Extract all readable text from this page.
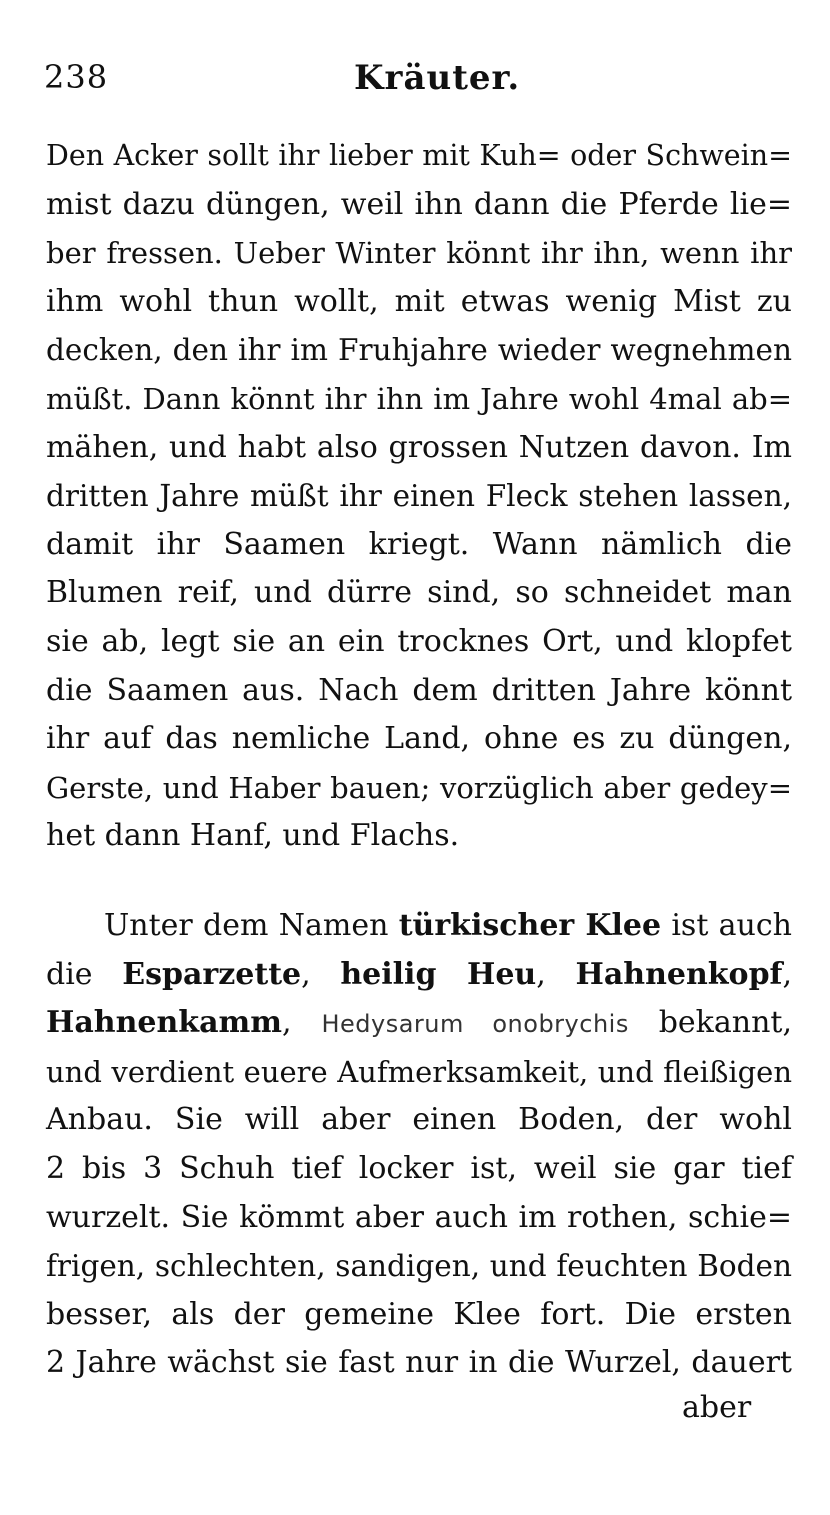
238	Kräuter.
Den Acker sollt ihr lieber mit Kuh= oder Schwein=
mist dazu düngen, weil ihn dann die Pferde lie=
ber fressen. Ueber Winter könnt ihr ihn, wenn ihr
ihm wohl thun wollt, mit etwas wenig Mist zu
decken, den ihr im Fruhjahre wieder wegnehmen
müßt. Dann könnt ihr ihn im Jahre wohl 4mal ab=
mähen, und habt also grossen Nutzen davon. Im
dritten Jahre müßt ihr einen Fleck stehen lassen,
damit ihr Saamen kriegt. Wann nämlich die
Blumen reif, und dürre sind, so schneidet man
sie ab, legt sie an ein trocknes Ort, und klopfet
die Saamen aus. Nach dem dritten Jahre könnt
ihr auf das nemliche Land, ohne es zu düngen,
Gerste, und Haber bauen; vorzüglich aber gedey=
het dann Hanf, und Flachs.
Unter dem Namen türkischer Klee ist auch
die Esparzette, heilig Heu, Hahnenkopf,
Hahnenkamm, Hedysarum onobrychis bekannt,
und verdient euere Aufmerksamkeit, und fleißigen
Anbau. Sie will aber einen Boden, der wohl
2 bis 3 Schuh tief locker ist, weil sie gar tief
wurzelt. Sie kömmt aber auch im rothen, schie=
frigen, schlechten, sandigen, und feuchten Boden
besser, als der gemeine Klee fort. Die ersten
2 Jahre wächst sie fast nur in die Wurzel, dauert
aber
